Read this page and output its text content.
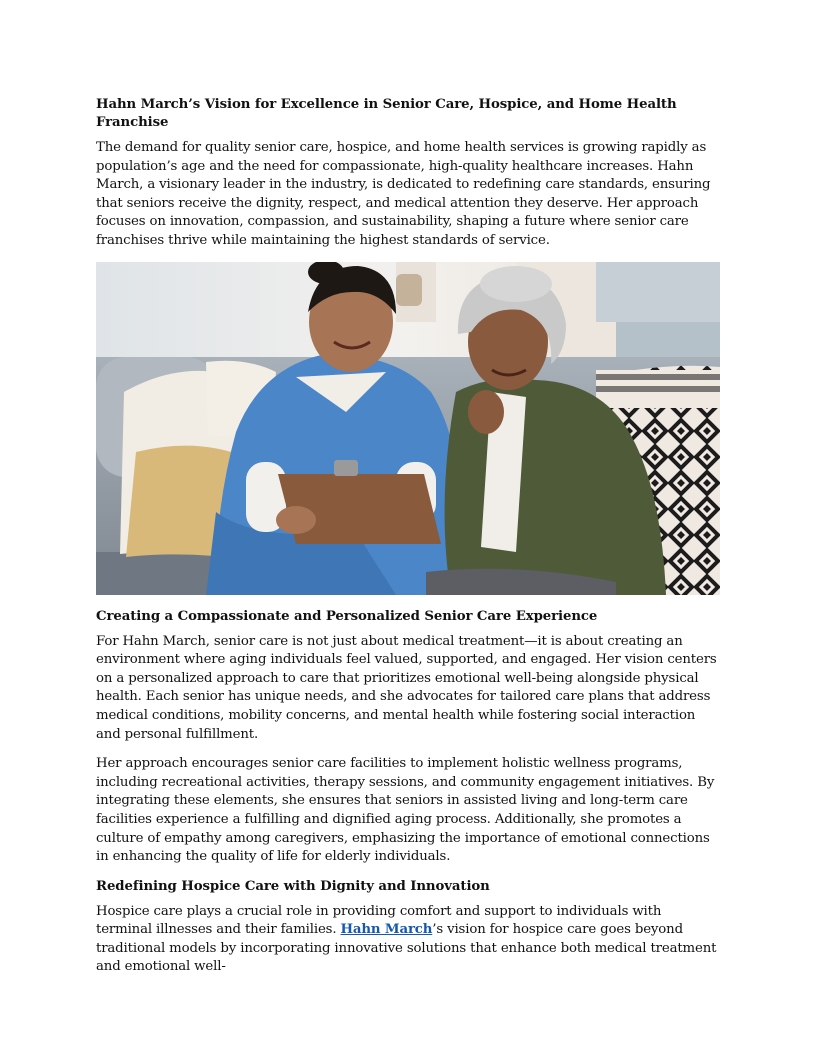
Hahn March’s Vision for Excellence in Senior Care, Hospice, and Home Health Franchise

The demand for quality senior care, hospice, and home health services is growing rapidly as population’s age and the need for compassionate, high-quality healthcare increases. Hahn March, a visionary leader in the industry, is dedicated to redefining care standards, ensuring that seniors receive the dignity, respect, and medical attention they deserve. Her approach focuses on innovation, compassion, and sustainability, shaping a future where senior care franchises thrive while maintaining the highest standards of service.

Creating a Compassionate and Personalized Senior Care Experience

For Hahn March, senior care is not just about medical treatment—it is about creating an environment where aging individuals feel valued, supported, and engaged. Her vision centers on a personalized approach to care that prioritizes emotional well-being alongside physical health. Each senior has unique needs, and she advocates for tailored care plans that address medical conditions, mobility concerns, and mental health while fostering social interaction and personal fulfillment.

Her approach encourages senior care facilities to implement holistic wellness programs, including recreational activities, therapy sessions, and community engagement initiatives. By integrating these elements, she ensures that seniors in assisted living and long-term care facilities experience a fulfilling and dignified aging process. Additionally, she promotes a culture of empathy among caregivers, emphasizing the importance of emotional connections in enhancing the quality of life for elderly individuals.

Redefining Hospice Care with Dignity and Innovation

Hospice care plays a crucial role in providing comfort and support to individuals with terminal illnesses and their families. Hahn March’s vision for hospice care goes beyond traditional models by incorporating innovative solutions that enhance both medical treatment and emotional well-
